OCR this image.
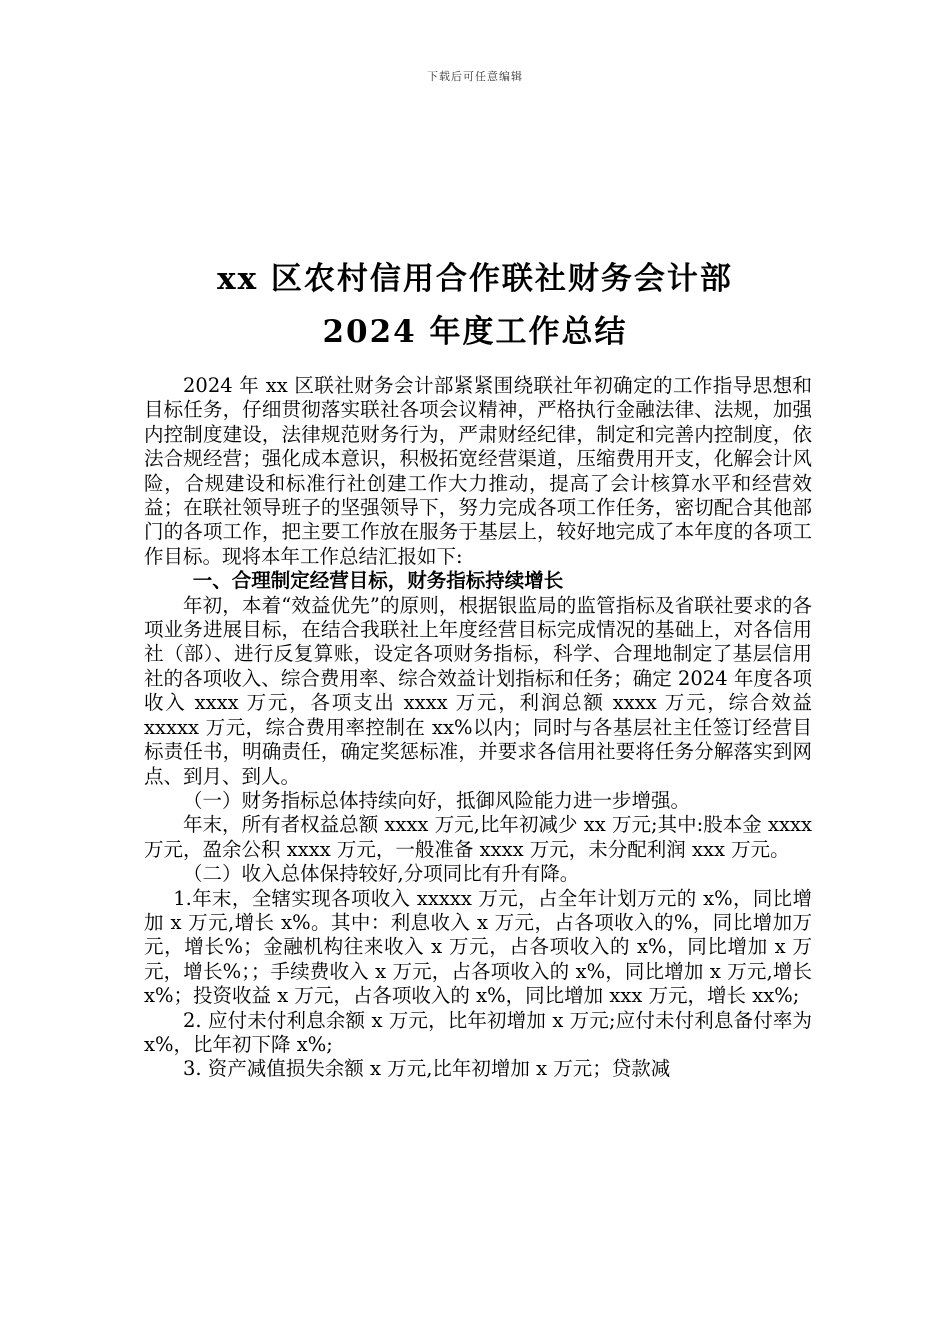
下载后可任意编辑
xx 区农村信用合作联社财务会计部
2024 年度工作总结

2024 年 xx 区联社财务会计部紧紧围绕联社年初确定的工作指导思想和目标任务，仔细贯彻落实联社各项会议精神，严格执行金融法律、法规，加强内控制度建设，法律规范财务行为，严肃财经纪律，制定和完善内控制度，依法合规经营；强化成本意识，积极拓宽经营渠道，压缩费用开支，化解会计风险，合规建设和标准行社创建工作大力推动，提高了会计核算水平和经营效益；在联社领导班子的坚强领导下，努力完成各项工作任务，密切配合其他部门的各项工作，把主要工作放在服务于基层上，较好地完成了本年度的各项工作目标。现将本年工作总结汇报如下:

一、合理制定经营目标，财务指标持续增长

年初，本着“效益优先”的原则，根据银监局的监管指标及省联社要求的各项业务进展目标，在结合我联社上年度经营目标完成情况的基础上，对各信用社（部）、进行反复算账，设定各项财务指标，科学、合理地制定了基层信用社的各项收入、综合费用率、综合效益计划指标和任务；确定 2024 年度各项收入 xxxx 万元，各项支出 xxxx 万元，利润总额 xxxx 万元，综合效益 xxxxx 万元，综合费用率控制在 xx%以内；同时与各基层社主任签订经营目标责任书，明确责任，确定奖惩标准，并要求各信用社要将任务分解落实到网点、到月、到人。

（一）财务指标总体持续向好，抵御风险能力进一步增强。

年末，所有者权益总额 xxxx 万元,比年初减少 xx 万元;其中:股本金 xxxx 万元，盈余公积 xxxx 万元，一般准备 xxxx 万元，未分配利润 xxx 万元。

（二）收入总体保持较好,分项同比有升有降。

1.年末，全辖实现各项收入 xxxxx 万元，占全年计划万元的 x%，同比增加 x 万元,增长 x%。其中：利息收入 x 万元，占各项收入的%，同比增加万元，增长%；金融机构往来收入 x 万元，占各项收入的 x%，同比增加 x 万元，增长%；；手续费收入 x 万元，占各项收入的 x%，同比增加 x 万元,增长 x%；投资收益 x 万元，占各项收入的 x%，同比增加 xxx 万元，增长 xx%;

2. 应付未付利息余额 x 万元，比年初增加 x 万元;应付未付利息备付率为 x%，比年初下降 x%;

3. 资产减值损失余额 x 万元,比年初增加 x 万元；贷款减
